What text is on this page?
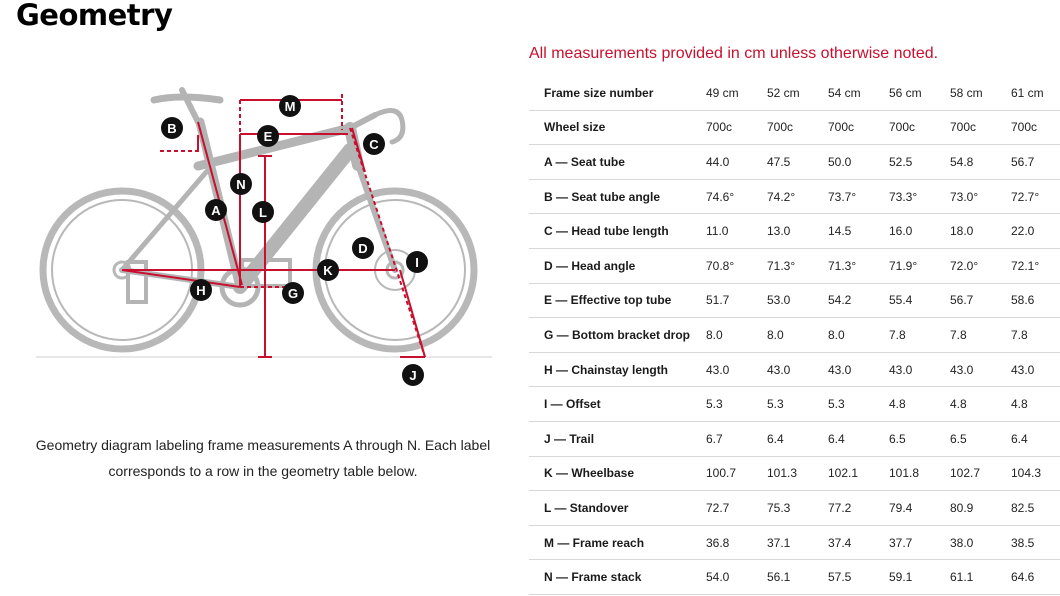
Geometry
B
M
E
C
N
A	L
D
I
K
H	G
J

Geometry diagram labeling frame measurements A through N. Each label corresponds to a row in the geometry table below.

All measurements provided in cm unless otherwise noted.

Frame size number	49 cm	52 cm	54 cm	56 cm	58 cm	61 cm
Wheel size	700c	700c	700c	700c	700c	700c
A — Seat tube	44.0	47.5	50.0	52.5	54.8	56.7
B — Seat tube angle	74.6°	74.2°	73.7°	73.3°	73.0°	72.7°
C — Head tube length	11.0	13.0	14.5	16.0	18.0	22.0
D — Head angle	70.8°	71.3°	71.3°	71.9°	72.0°	72.1°
E — Effective top tube	51.7	53.0	54.2	55.4	56.7	58.6
G — Bottom bracket drop	8.0	8.0	8.0	7.8	7.8	7.8
H — Chainstay length	43.0	43.0	43.0	43.0	43.0	43.0
I — Offset	5.3	5.3	5.3	4.8	4.8	4.8
J — Trail	6.7	6.4	6.4	6.5	6.5	6.4
K — Wheelbase	100.7	101.3	102.1	101.8	102.7	104.3
L — Standover	72.7	75.3	77.2	79.4	80.9	82.5
M — Frame reach	36.8	37.1	37.4	37.7	38.0	38.5
N — Frame stack	54.0	56.1	57.5	59.1	61.1	64.6
